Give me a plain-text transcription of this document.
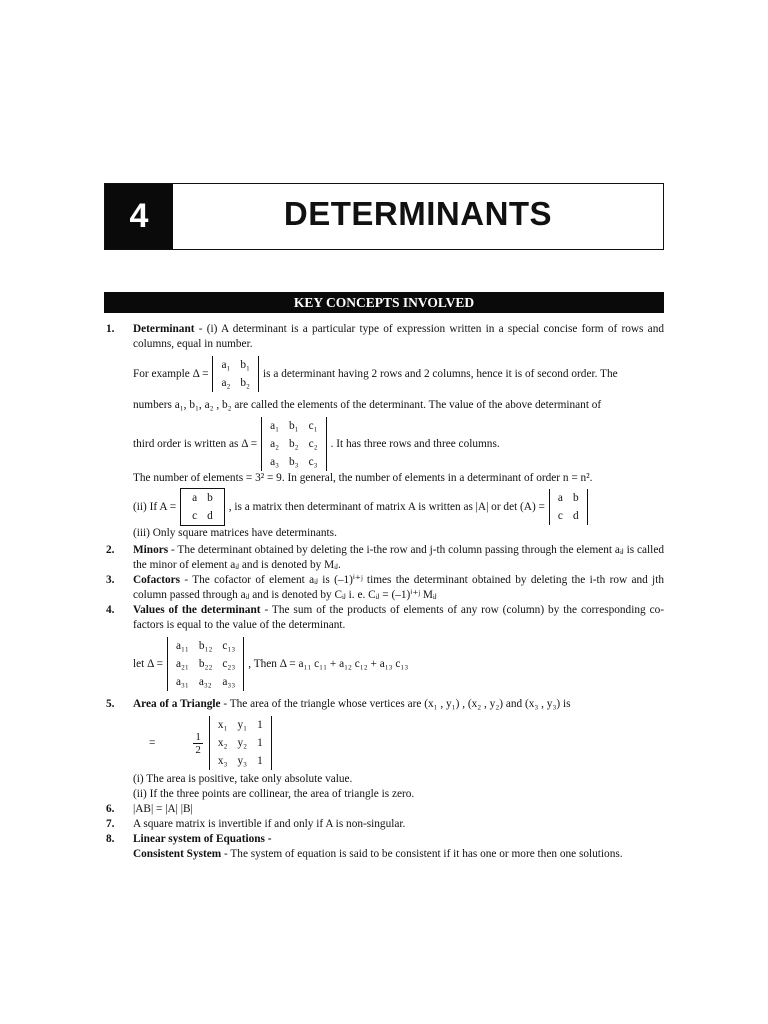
4	DETERMINANTS
KEY CONCEPTS INVOLVED
1. Determinant - (i) A determinant is a particular type of expression written in a special concise form of rows and columns, equal in number.
For example Δ =
a₁	b₁
a₂	b₂
is a determinant having 2 rows and 2 columns, hence it is of second order. The
numbers a₁, b₁, a₂ , b₂ are called the elements of the determinant. The value of the above determinant of
third order is written as Δ =
a₁	b₁	c₁
a₂	b₂	c₂
a₃	b₃	c₃
. It has three rows and three columns.
The number of elements = 3² = 9. In general, the number of elements in a determinant of order n = n².
(ii) If A =
a	b
c	d
, is a matrix then determinant of matrix A is written as |A| or det (A) =
a	b
c	d
(iii) Only square matrices have determinants.
2. Minors - The determinant obtained by deleting the i-the row and j-th column passing through the element aᵢⱼ is called the minor of element aᵢⱼ and is denoted by Mᵢⱼ.
3. Cofactors - The cofactor of element aᵢⱼ is (–1)ⁱ⁺ʲ times the determinant obtained by deleting the i-th row and jth column passed through aᵢⱼ and is denoted by Cᵢⱼ i. e. Cᵢⱼ = (–1)ⁱ⁺ʲ Mᵢⱼ
4. Values of the determinant - The sum of the products of elements of any row (column) by the corresponding co-factors is equal to the value of the determinant.
let Δ =
a₁₁	b₁₂	c₁₃
a₂₁	b₂₂	c₂₃
a₃₁	a₃₂	a₃₃
, Then Δ = a₁₁ c₁₁ + a₁₂ c₁₂ + a₁₃ c₁₃
5. Area of a Triangle - The area of the triangle whose vertices are (x₁ , y₁) , (x₂ , y₂) and (x₃ , y₃) is
=	$\frac{1}{2}$
x₁	y₁	1
x₂	y₂	1
x₃	y₃	1
(i) The area is positive, take only absolute value.
(ii) If the three points are collinear, the area of triangle is zero.
6. |AB| = |A| |B|
7. A square matrix is invertible if and only if A is non-singular.
8. Linear system of Equations -
Consistent System - The system of equation is said to be consistent if it has one or more then one solutions.
